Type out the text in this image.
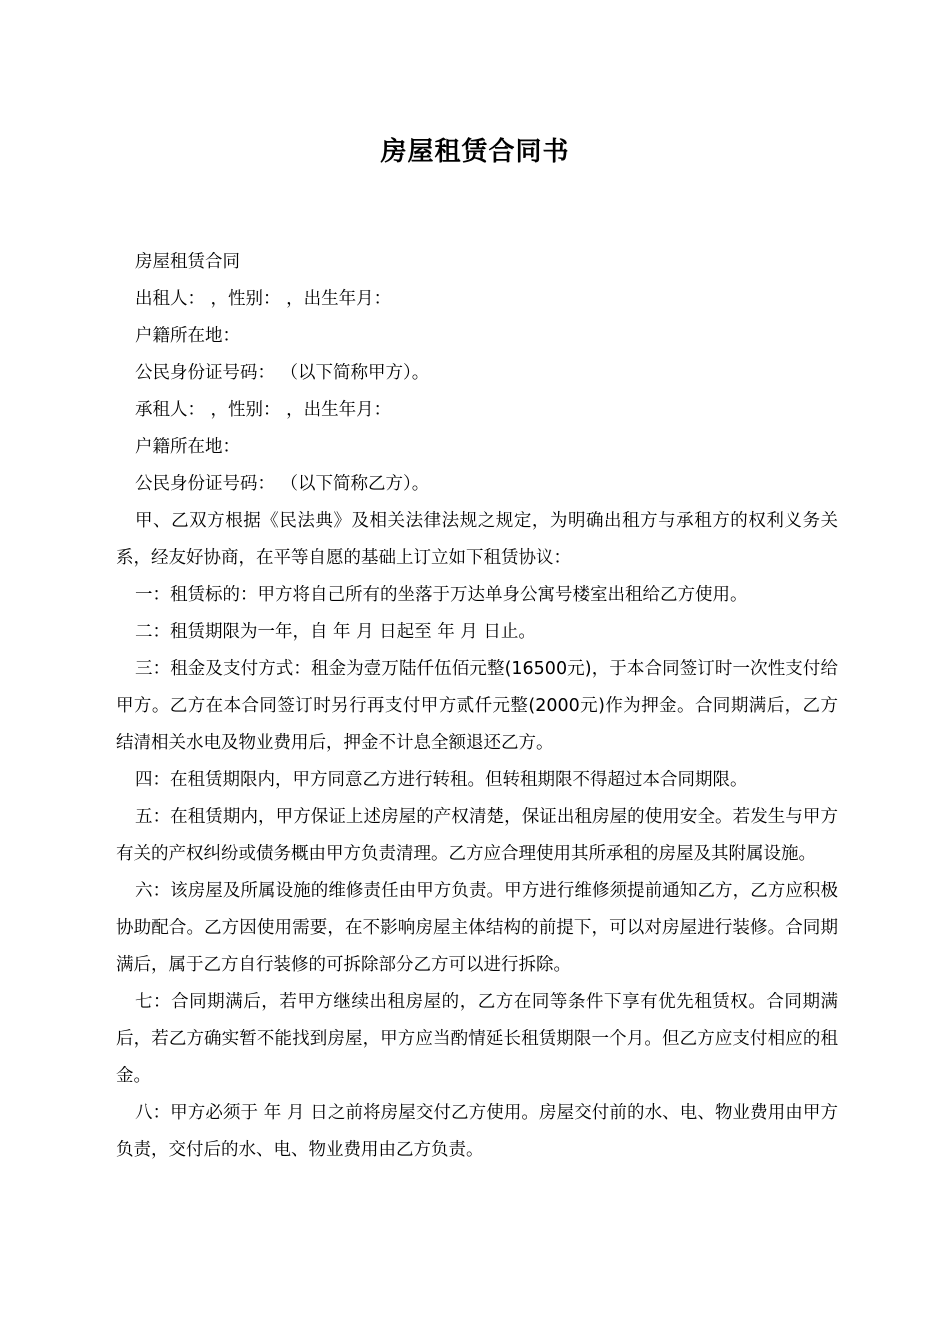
房屋租赁合同书

房屋租赁合同

出租人： ，性别： ，出生年月：

户籍所在地：

公民身份证号码： （以下简称甲方）。

承租人： ，性别： ，出生年月：

户籍所在地：

公民身份证号码： （以下简称乙方）。

甲、乙双方根据《民法典》及相关法律法规之规定，为明确出租方与承租方的权利义务关系，经友好协商，在平等自愿的基础上订立如下租赁协议：

一：租赁标的：甲方将自己所有的坐落于万达单身公寓号楼室出租给乙方使用。

二：租赁期限为一年，自 年 月 日起至 年 月 日止。

三：租金及支付方式：租金为壹万陆仟伍佰元整(16500元)，于本合同签订时一次性支付给甲方。乙方在本合同签订时另行再支付甲方贰仟元整(2000元)作为押金。合同期满后，乙方结清相关水电及物业费用后，押金不计息全额退还乙方。

四：在租赁期限内，甲方同意乙方进行转租。但转租期限不得超过本合同期限。

五：在租赁期内，甲方保证上述房屋的产权清楚，保证出租房屋的使用安全。若发生与甲方有关的产权纠纷或债务概由甲方负责清理。乙方应合理使用其所承租的房屋及其附属设施。

六：该房屋及所属设施的维修责任由甲方负责。甲方进行维修须提前通知乙方，乙方应积极协助配合。乙方因使用需要，在不影响房屋主体结构的前提下，可以对房屋进行装修。合同期满后，属于乙方自行装修的可拆除部分乙方可以进行拆除。

七：合同期满后，若甲方继续出租房屋的，乙方在同等条件下享有优先租赁权。合同期满后，若乙方确实暂不能找到房屋，甲方应当酌情延长租赁期限一个月。但乙方应支付相应的租金。

八：甲方必须于 年 月 日之前将房屋交付乙方使用。房屋交付前的水、电、物业费用由甲方负责，交付后的水、电、物业费用由乙方负责。
